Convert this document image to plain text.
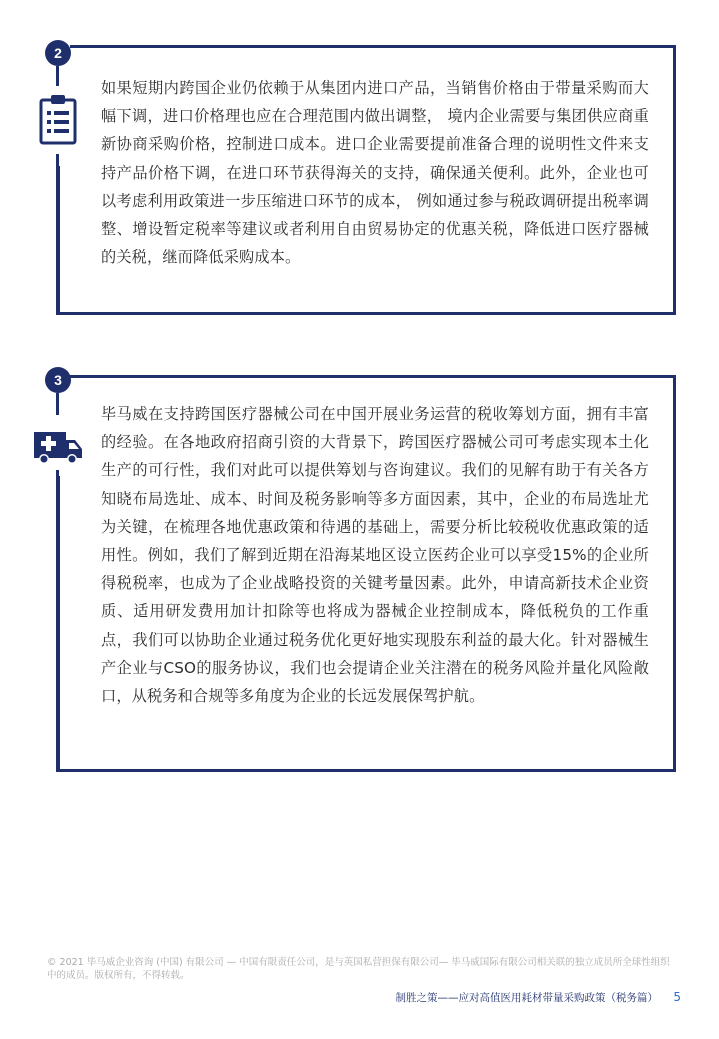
2

如果短期内跨国企业仍依赖于从集团内进口产品，当销售价格由于带量采购而大幅下调，进口价格理也应在合理范围内做出调整， 境内企业需要与集团供应商重新协商采购价格，控制进口成本。进口企业需要提前准备合理的说明性文件来支持产品价格下调，在进口环节获得海关的支持，确保通关便利。此外，企业也可以考虑利用政策进一步压缩进口环节的成本， 例如通过参与税政调研提出税率调整、增设暂定税率等建议或者利用自由贸易协定的优惠关税，降低进口医疗器械的关税，继而降低采购成本。

3

毕马威在支持跨国医疗器械公司在中国开展业务运营的税收筹划方面，拥有丰富的经验。在各地政府招商引资的大背景下，跨国医疗器械公司可考虑实现本土化生产的可行性，我们对此可以提供筹划与咨询建议。我们的见解有助于有关各方知晓布局选址、成本、时间及税务影响等多方面因素，其中，企业的布局选址尤为关键，在梳理各地优惠政策和待遇的基础上，需要分析比较税收优惠政策的适用性。例如，我们了解到近期在沿海某地区设立医药企业可以享受15%的企业所得税税率，也成为了企业战略投资的关键考量因素。此外，申请高新技术企业资质、适用研发费用加计扣除等也将成为器械企业控制成本，降低税负的工作重点，我们可以协助企业通过税务优化更好地实现股东利益的最大化。针对器械生产企业与CSO的服务协议，我们也会提请企业关注潜在的税务风险并量化风险敞口，从税务和合规等多角度为企业的长远发展保驾护航。

© 2021 毕马威企业咨询 (中国) 有限公司 — 中国有限责任公司，是与英国私营担保有限公司— 毕马威国际有限公司相关联的独立成员所全球性组织中的成员。版权所有，不得转载。
制胜之策——应对高值医用耗材带量采购政策（税务篇） 5
